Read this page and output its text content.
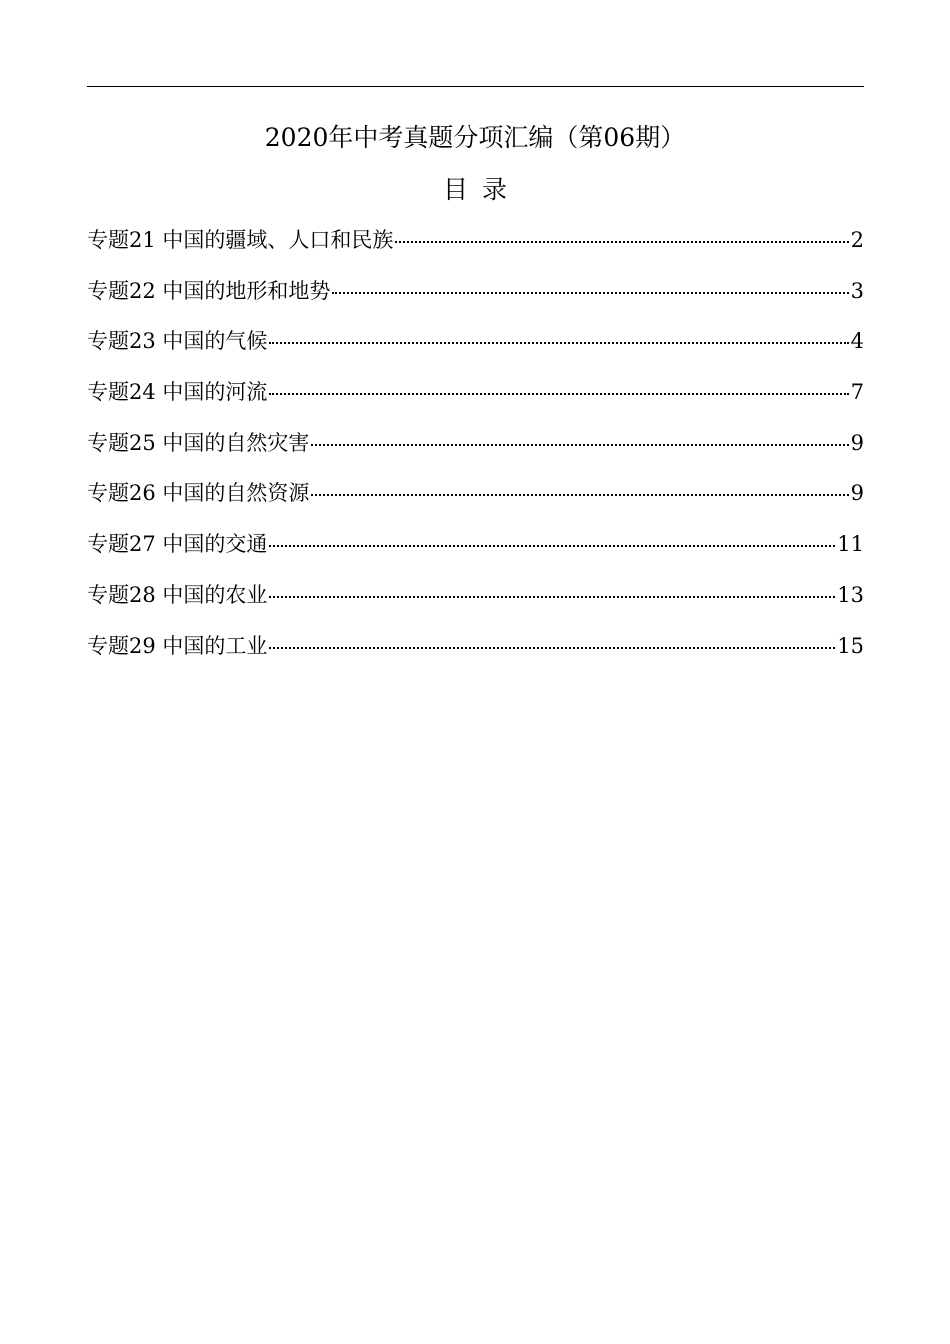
2020年中考真题分项汇编（第06期）
目录
专题21 中国的疆域、人口和民族	2
专题22 中国的地形和地势	3
专题23 中国的气候	4
专题24 中国的河流	7
专题25 中国的自然灾害	9
专题26 中国的自然资源	9
专题27 中国的交通	11
专题28 中国的农业	13
专题29 中国的工业	15
